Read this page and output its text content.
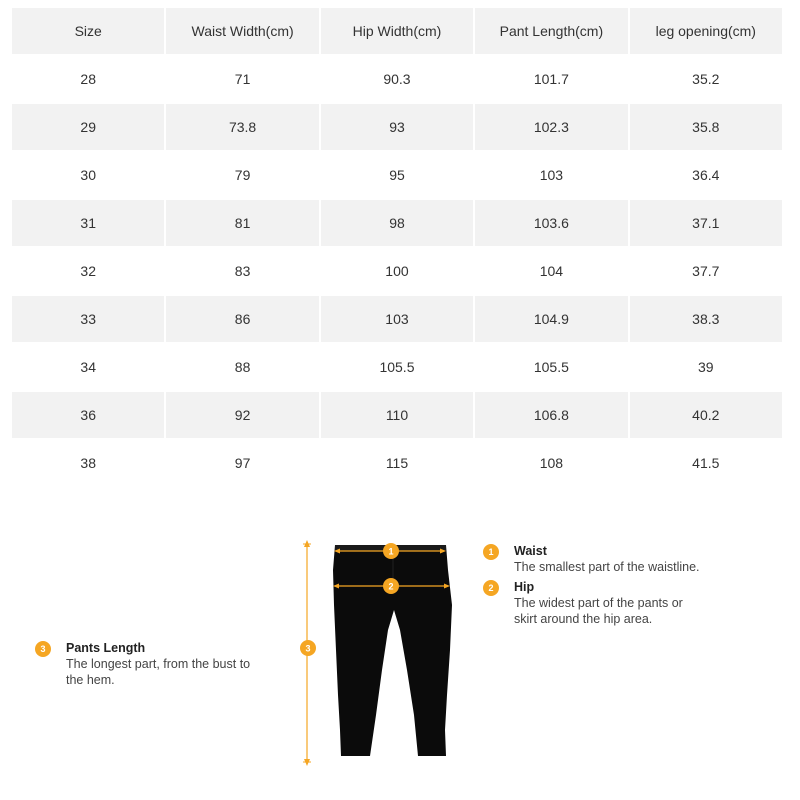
Size	Waist Width(cm)	Hip Width(cm)	Pant Length(cm)	leg opening(cm)
28	71	90.3	101.7	35.2
29	73.8	93	102.3	35.8
30	79	95	103	36.4
31	81	98	103.6	37.1
32	83	100	104	37.7
33	86	103	104.9	38.3
34	88	105.5	105.5	39
36	92	110	106.8	40.2
38	97	115	108	41.5
3	Pants Length
The longest part, from the bust to
the hem.
1
2
3
1	Waist
The smallest part of the waistline.
2	Hip
The widest part of the pants or
skirt around the hip area.
